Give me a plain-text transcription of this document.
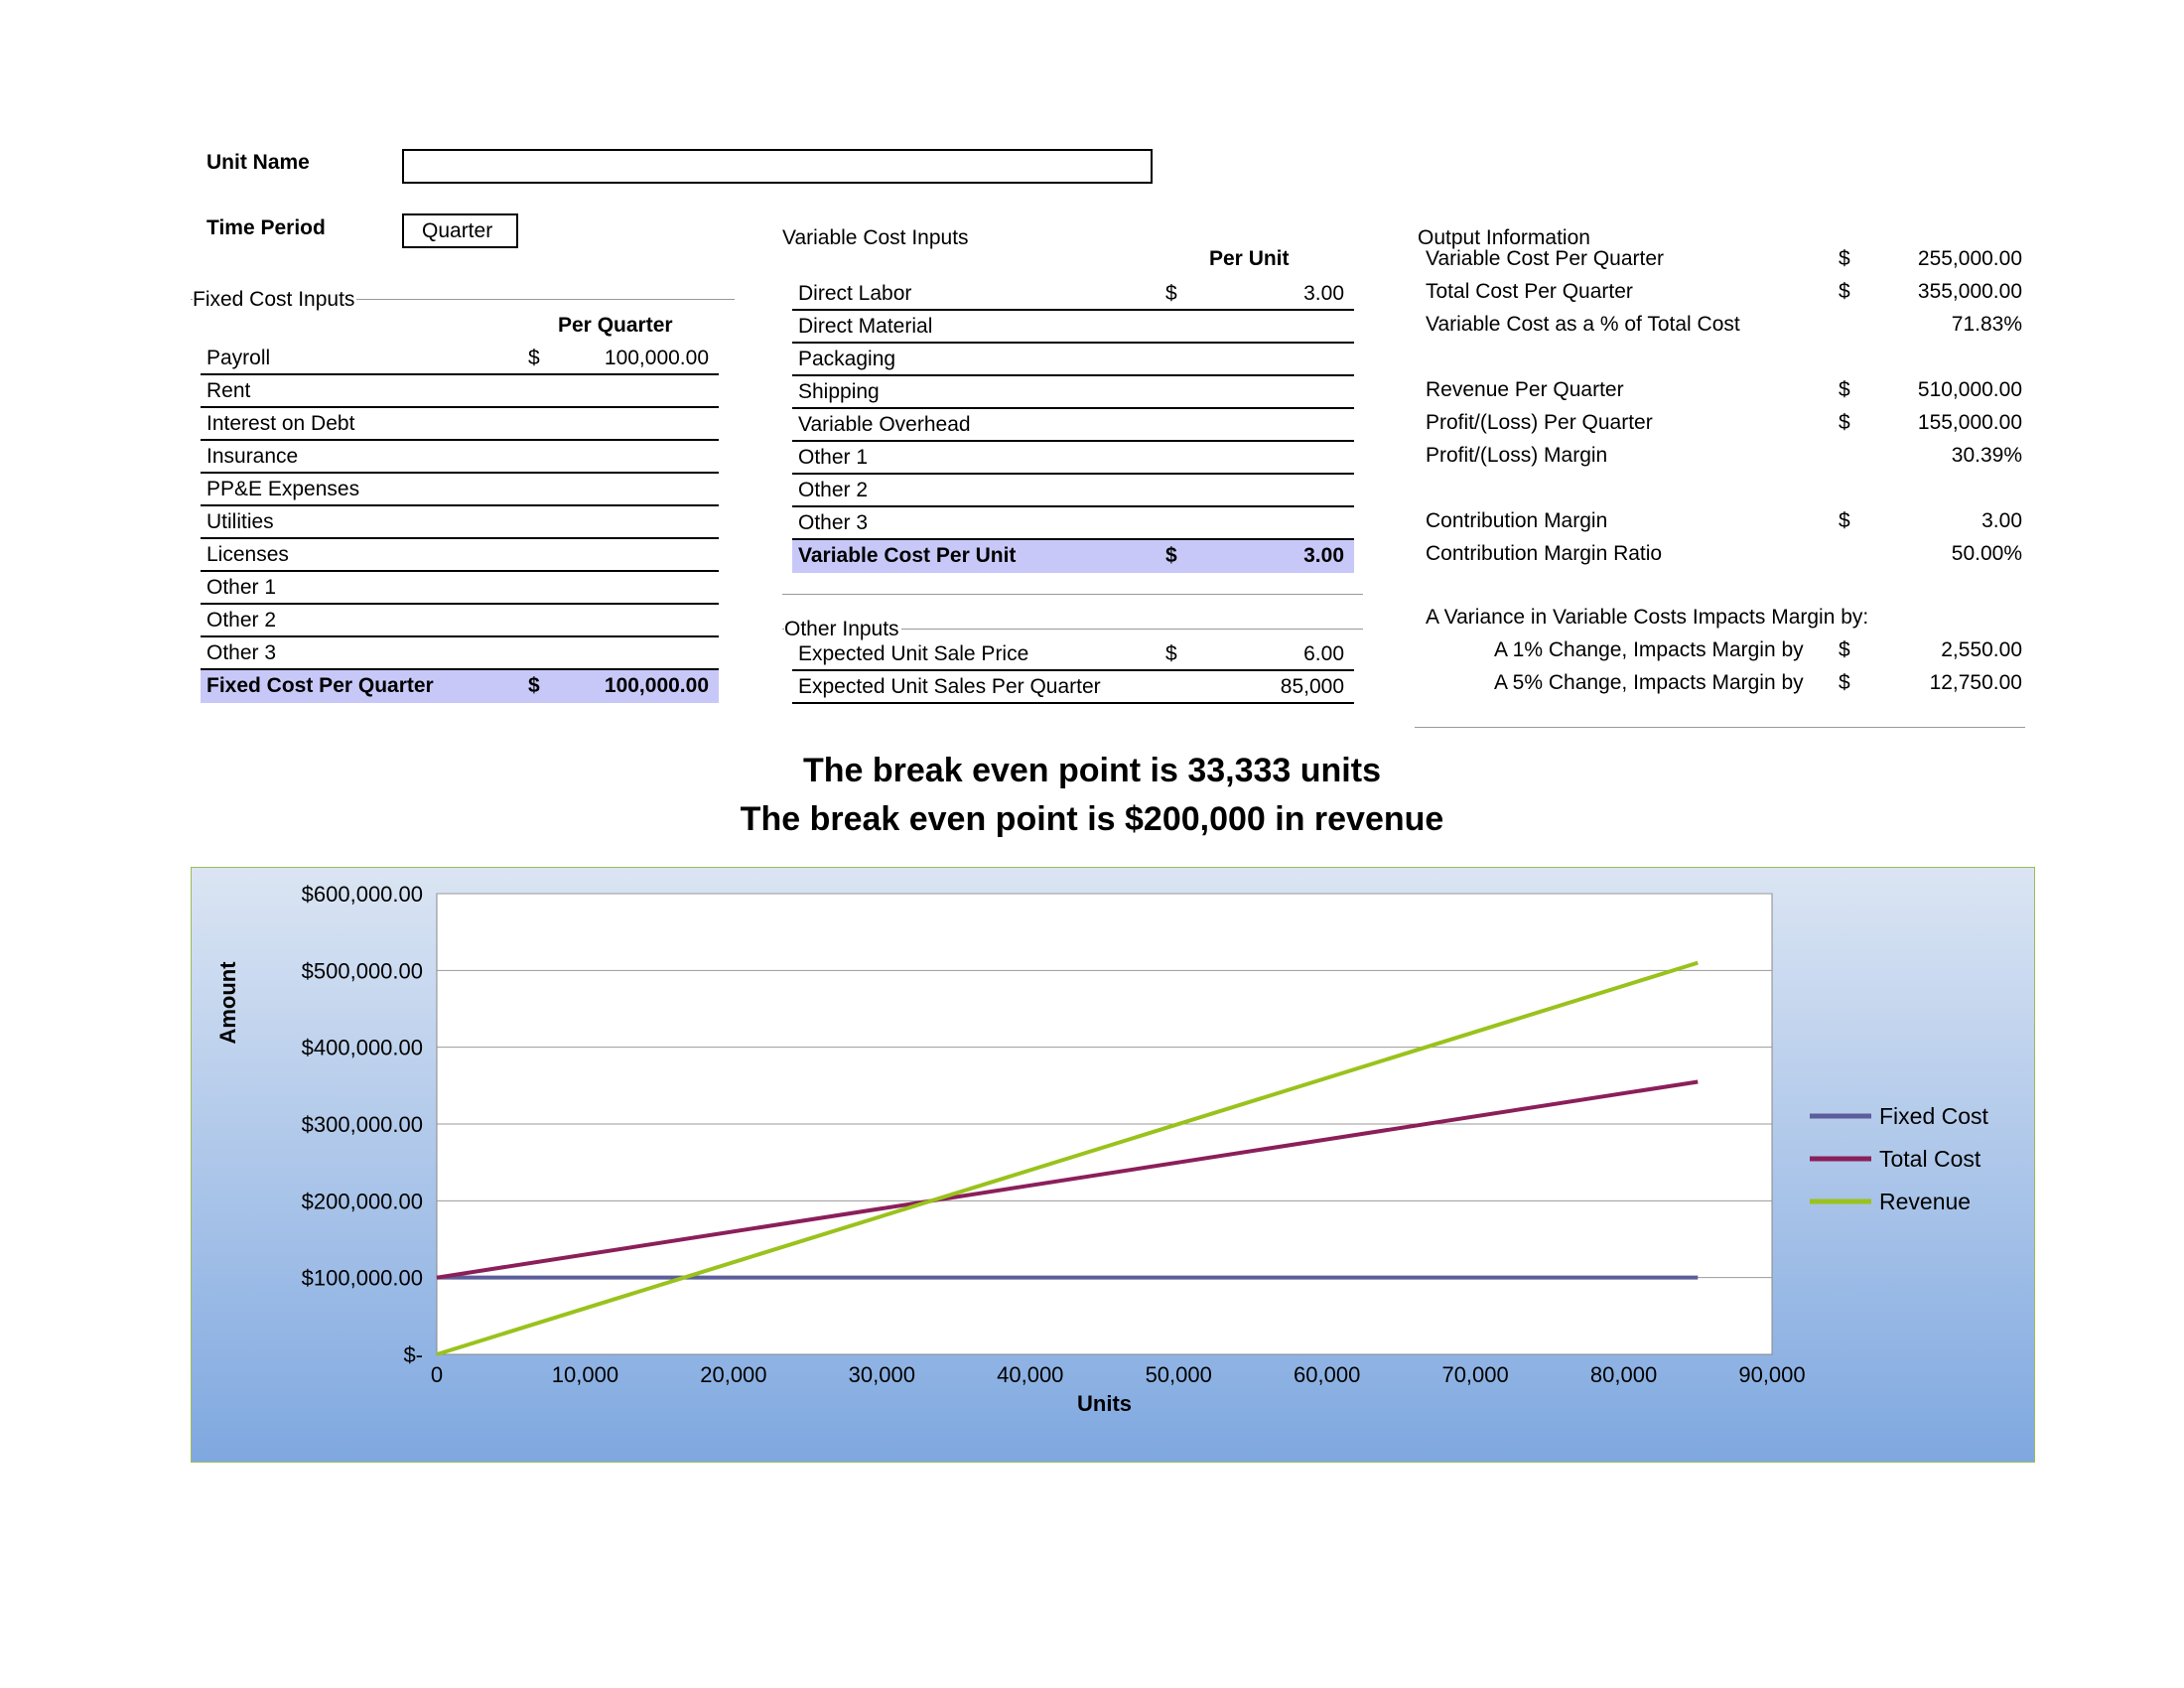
Unit Name
Time Period	Quarter
Fixed Cost Inputs
Per Quarter
Payroll	$	100,000.00
Rent
Interest on Debt
Insurance
PP&E Expenses
Utilities
Licenses
Other 1
Other 2
Other 3
Fixed Cost Per Quarter	$	100,000.00
Variable Cost Inputs
Per Unit
Direct Labor	$	3.00
Direct Material
Packaging
Shipping
Variable Overhead
Other 1
Other 2
Other 3
Variable Cost Per Unit	$	3.00
Other Inputs
Expected Unit Sale Price	$	6.00
Expected Unit Sales Per Quarter	85,000
Output Information
Variable Cost Per Quarter	$	255,000.00
Total Cost Per Quarter	$	355,000.00
Variable Cost as a % of Total Cost	71.83%
Revenue Per Quarter	$	510,000.00
Profit/(Loss) Per Quarter	$	155,000.00
Profit/(Loss) Margin	30.39%
Contribution Margin	$	3.00
Contribution Margin Ratio	50.00%
A Variance in Variable Costs Impacts Margin by:
A 1% Change, Impacts Margin by $	2,550.00
A 5% Change, Impacts Margin by $	12,750.00
The break even point is 33,333 units
The break even point is $200,000 in revenue
$-
$100,000.00
$200,000.00
$300,000.00
$400,000.00
$500,000.00
$600,000.00
0	10,000	20,000	30,000	40,000	50,000	60,000	70,000	80,000	90,000
Units
Amount
Fixed Cost
Total Cost
Revenue
